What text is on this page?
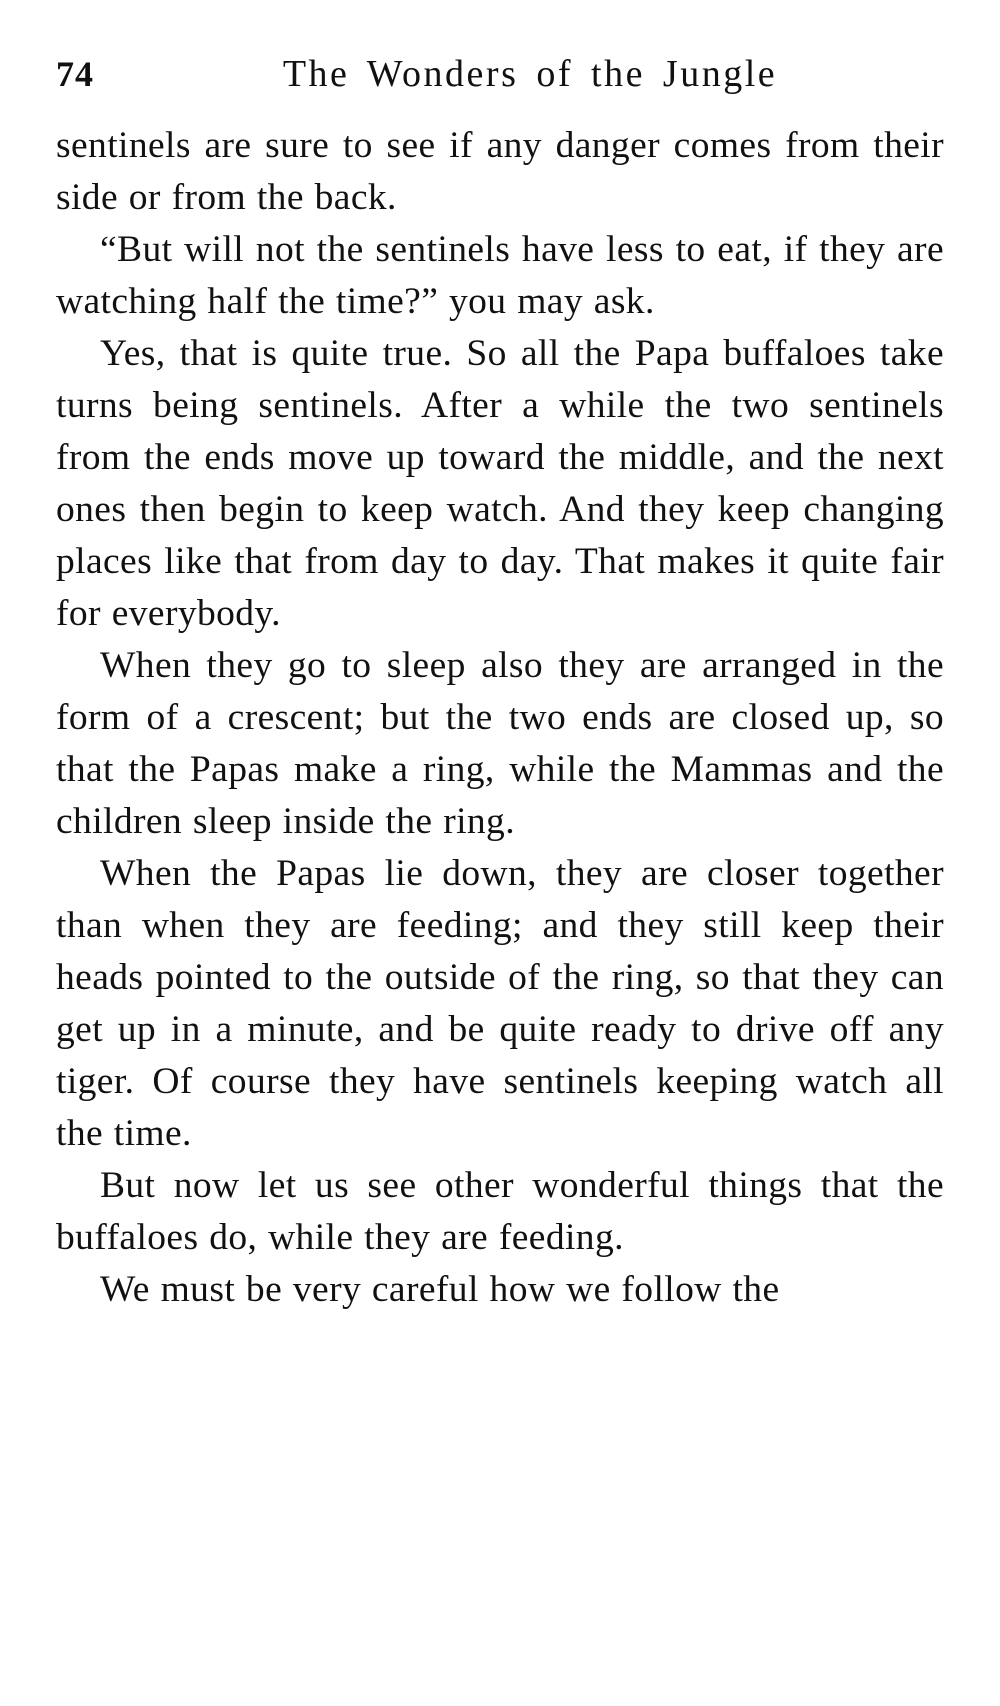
74	The Wonders of the Jungle

sentinels are sure to see if any danger comes from their side or from the back.

“But will not the sentinels have less to eat, if they are watching half the time?” you may ask.

Yes, that is quite true. So all the Papa buffaloes take turns being sentinels. After a while the two sentinels from the ends move up toward the middle, and the next ones then begin to keep watch. And they keep changing places like that from day to day. That makes it quite fair for everybody.

When they go to sleep also they are arranged in the form of a crescent; but the two ends are closed up, so that the Papas make a ring, while the Mammas and the children sleep inside the ring.

When the Papas lie down, they are closer together than when they are feeding; and they still keep their heads pointed to the outside of the ring, so that they can get up in a minute, and be quite ready to drive off any tiger. Of course they have sentinels keeping watch all the time.

But now let us see other wonderful things that the buffaloes do, while they are feeding.

We must be very careful how we follow the
